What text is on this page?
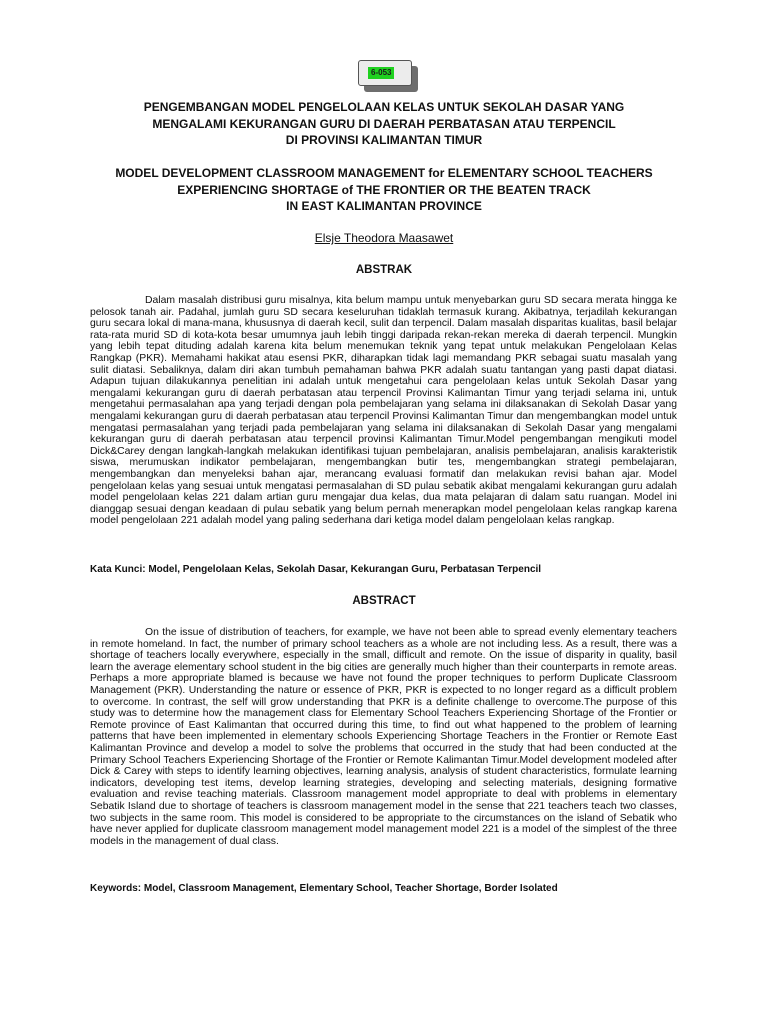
6-053
PENGEMBANGAN MODEL PENGELOLAAN KELAS UNTUK SEKOLAH DASAR YANG
MENGALAMI KEKURANGAN GURU DI DAERAH PERBATASAN ATAU TERPENCIL
DI PROVINSI KALIMANTAN TIMUR
MODEL DEVELOPMENT CLASSROOM MANAGEMENT for ELEMENTARY SCHOOL TEACHERS
EXPERIENCING SHORTAGE of THE FRONTIER OR THE BEATEN TRACK
IN EAST KALIMANTAN PROVINCE
Elsje Theodora Maasawet
ABSTRAK

Dalam masalah distribusi guru misalnya, kita belum mampu untuk menyebarkan guru SD secara merata hingga ke pelosok tanah air. Padahal, jumlah guru SD secara keseluruhan tidaklah termasuk kurang. Akibatnya, terjadilah kekurangan guru secara lokal di mana-mana, khususnya di daerah kecil, sulit dan terpencil. Dalam masalah disparitas kualitas, basil belajar rata-rata murid SD di kota-kota besar umumnya jauh lebih tinggi daripada rekan-rekan mereka di daerah terpencil. Mungkin yang lebih tepat dituding adalah karena kita belum menemukan teknik yang tepat untuk melakukan Pengelolaan Kelas Rangkap (PKR). Memahami hakikat atau esensi PKR, diharapkan tidak lagi memandang PKR sebagai suatu masalah yang sulit diatasi. Sebaliknya, dalam diri akan tumbuh pemahaman bahwa PKR adalah suatu tantangan yang pasti dapat diatasi. Adapun tujuan dilakukannya penelitian ini adalah untuk mengetahui cara pengelolaan kelas untuk Sekolah Dasar yang mengalami kekurangan guru di daerah perbatasan atau terpencil Provinsi Kalimantan Timur yang terjadi selama ini, untuk mengetahui permasalahan apa yang terjadi dengan pola pembelajaran yang selama ini dilaksanakan di Sekolah Dasar yang mengalami kekurangan guru di daerah perbatasan atau terpencil Provinsi Kalimantan Timur dan mengembangkan model untuk mengatasi permasalahan yang terjadi pada pembelajaran yang selama ini dilaksanakan di Sekolah Dasar yang mengalami kekurangan guru di daerah perbatasan atau terpencil provinsi Kalimantan Timur.Model pengembangan mengikuti model Dick&Carey dengan langkah-langkah melakukan identifikasi tujuan pembelajaran, analisis pembelajaran, analisis karakteristik siswa, merumuskan indikator pembelajaran, mengembangkan butir tes, mengembangkan strategi pembelajaran, mengembangkan dan menyeleksi bahan ajar, merancang evaluasi formatif dan melakukan revisi bahan ajar. Model pengelolaan kelas yang sesuai untuk mengatasi permasalahan di SD pulau sebatik akibat mengalami kekurangan guru adalah model pengelolaan kelas 221 dalam artian guru mengajar dua kelas, dua mata pelajaran di dalam satu ruangan. Model ini dianggap sesuai dengan keadaan di pulau sebatik yang belum pernah menerapkan model pengelolaan kelas rangkap karena model pengelolaan 221 adalah model yang paling sederhana dari ketiga model dalam pengelolaan kelas rangkap.

Kata Kunci: Model, Pengelolaan Kelas, Sekolah Dasar, Kekurangan Guru, Perbatasan Terpencil

ABSTRACT

On the issue of distribution of teachers, for example, we have not been able to spread evenly elementary teachers in remote homeland. In fact, the number of primary school teachers as a whole are not including less. As a result, there was a shortage of teachers locally everywhere, especially in the small, difficult and remote. On the issue of disparity in quality, basil learn the average elementary school student in the big cities are generally much higher than their counterparts in remote areas. Perhaps a more appropriate blamed is because we have not found the proper techniques to perform Duplicate Classroom Management (PKR). Understanding the nature or essence of PKR, PKR is expected to no longer regard as a difficult problem to overcome. In contrast, the self will grow understanding that PKR is a definite challenge to overcome.The purpose of this study was to determine how the management class for Elementary School Teachers Experiencing Shortage of the Frontier or Remote province of East Kalimantan that occurred during this time, to find out what happened to the problem of learning patterns that have been implemented in elementary schools Experiencing Shortage Teachers in the Frontier or Remote East Kalimantan Province and develop a model to solve the problems that occurred in the study that had been conducted at the Primary School Teachers Experiencing Shortage of the Frontier or Remote Kalimantan Timur.Model development modeled after Dick & Carey with steps to identify learning objectives, learning analysis, analysis of student characteristics, formulate learning indicators, developing test items, develop learning strategies, developing and selecting materials, designing formative evaluation and revise teaching materials. Classroom management model appropriate to deal with problems in elementary Sebatik Island due to shortage of teachers is classroom management model in the sense that 221 teachers teach two classes, two subjects in the same room. This model is considered to be appropriate to the circumstances on the island of Sebatik who have never applied for duplicate classroom management model management model 221 is a model of the simplest of the three models in the management of dual class.

Keywords: Model, Classroom Management, Elementary School, Teacher Shortage, Border Isolated
